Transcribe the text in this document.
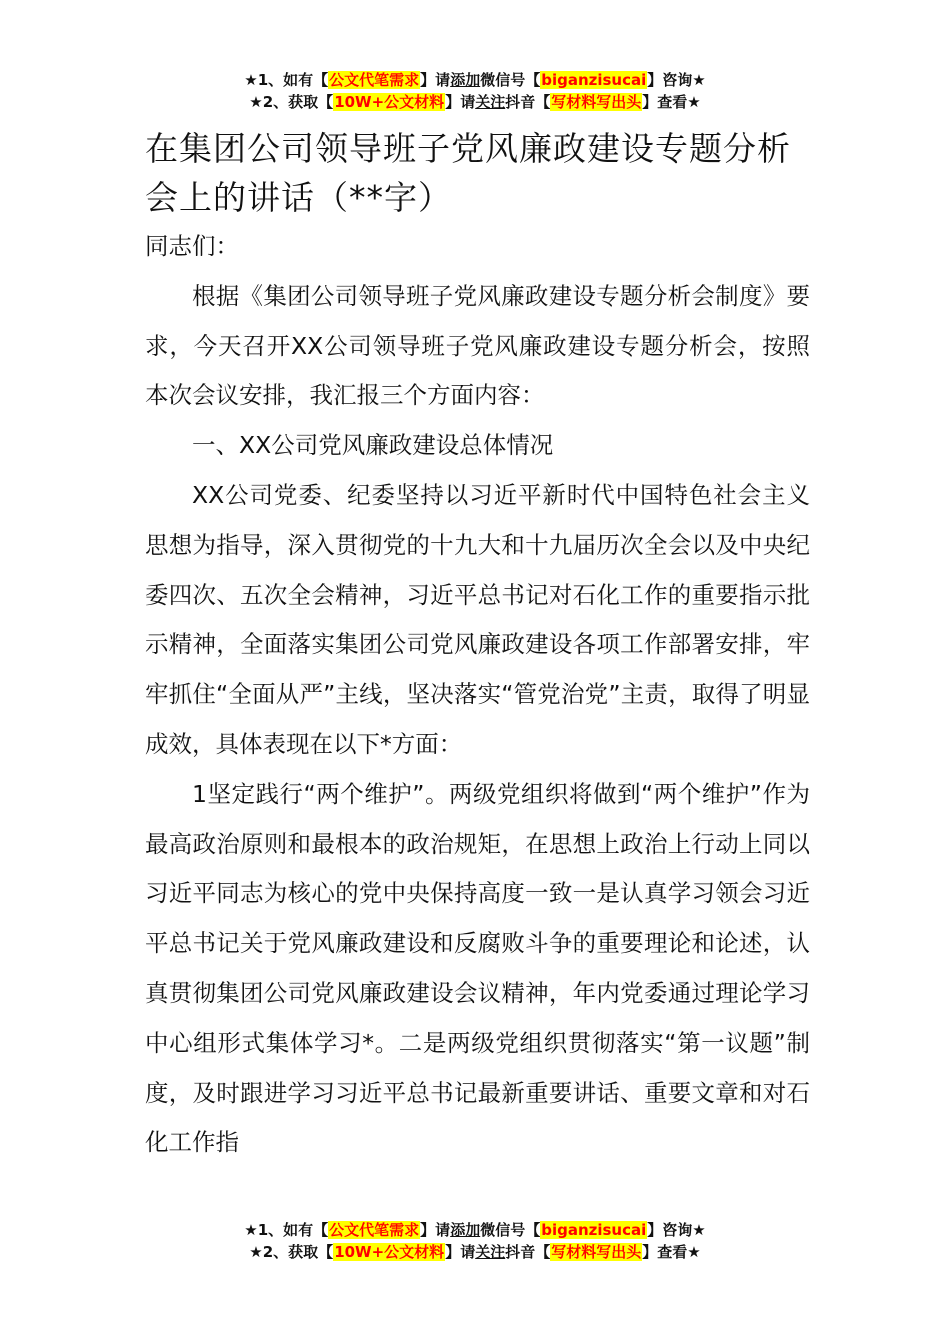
★1、如有【公文代笔需求】请添加微信号【biganzisucai】咨询★
★2、获取【10W+公文材料】请关注抖音【写材料写出头】查看★
在集团公司领导班子党风廉政建设专题分析会上的讲话（**字）

同志们：

根据《集团公司领导班子党风廉政建设专题分析会制度》要求，今天召开XX公司领导班子党风廉政建设专题分析会，按照本次会议安排，我汇报三个方面内容：

一、XX公司党风廉政建设总体情况

XX公司党委、纪委坚持以习近平新时代中国特色社会主义思想为指导，深入贯彻党的十九大和十九届历次全会以及中央纪委四次、五次全会精神，习近平总书记对石化工作的重要指示批示精神，全面落实集团公司党风廉政建设各项工作部署安排，牢牢抓住“全面从严”主线，坚决落实“管党治党”主责，取得了明显成效，具体表现在以下*方面：

1坚定践行“两个维护”。两级党组织将做到“两个维护”作为最高政治原则和最根本的政治规矩，在思想上政治上行动上同以习近平同志为核心的党中央保持高度一致一是认真学习领会习近平总书记关于党风廉政建设和反腐败斗争的重要理论和论述，认真贯彻集团公司党风廉政建设会议精神，年内党委通过理论学习中心组形式集体学习*。二是两级党组织贯彻落实“第一议题”制度，及时跟进学习习近平总书记最新重要讲话、重要文章和对石化工作指

★1、如有【公文代笔需求】请添加微信号【biganzisucai】咨询★
★2、获取【10W+公文材料】请关注抖音【写材料写出头】查看★
